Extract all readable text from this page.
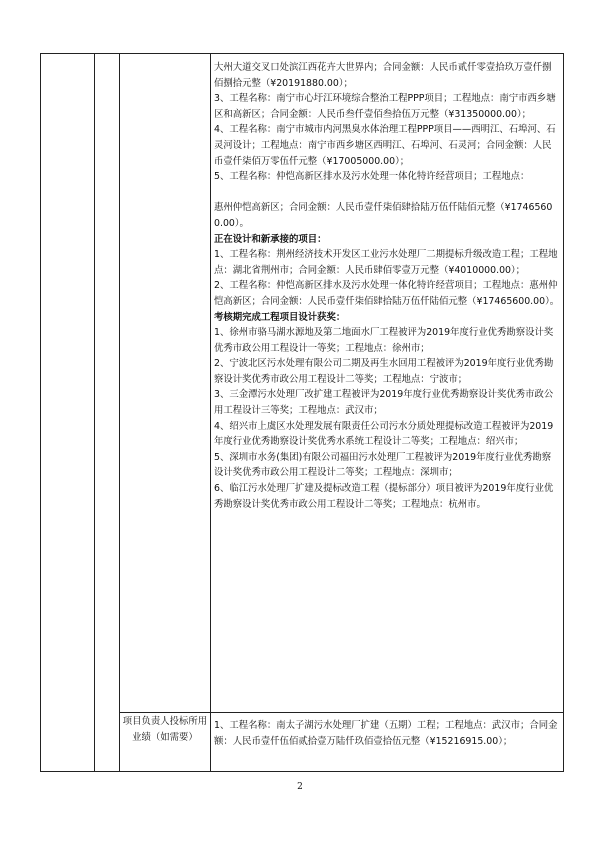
大州大道交叉口处滨江西花卉大世界内；合同金额：人民币贰仟零壹拾玖万壹仟捌佰捌拾元整（¥20191880.00）；

3、工程名称：南宁市心圩江环境综合整治工程PPP项目；工程地点：南宁市西乡塘区和高新区；合同金额：人民币叁仟壹佰叁拾伍万元整（¥31350000.00）；

4、工程名称：南宁市城市内河黑臭水体治理工程PPP项目——西明江、石埠河、石灵河设计；工程地点：南宁市西乡塘区西明江、石埠河、石灵河；合同金额：人民币壹仟柒佰万零伍仟元整（¥17005000.00）；

5、工程名称：仲恺高新区排水及污水处理一体化特许经营项目；工程地点：

惠州仲恺高新区；合同金额：人民币壹仟柒佰肆拾陆万伍仟陆佰元整（¥17465600.00）。

正在设计和新承接的项目：

1、工程名称：荆州经济技术开发区工业污水处理厂二期提标升级改造工程；工程地点：湖北省荆州市；合同金额：人民币肆佰零壹万元整（¥4010000.00）；

2、工程名称：仲恺高新区排水及污水处理一体化特许经营项目；工程地点：惠州仲恺高新区；合同金额：人民币壹仟柒佰肆拾陆万伍仟陆佰元整（¥17465600.00）。

考核期完成工程项目设计获奖：

1、徐州市骆马湖水源地及第二地面水厂工程被评为2019年度行业优秀勘察设计奖优秀市政公用工程设计一等奖；工程地点：徐州市；

2、宁波北区污水处理有限公司二期及再生水回用工程被评为2019年度行业优秀勘察设计奖优秀市政公用工程设计二等奖；工程地点：宁波市；

3、三金潭污水处理厂改扩建工程被评为2019年度行业优秀勘察设计奖优秀市政公用工程设计三等奖；工程地点：武汉市；

4、绍兴市上虞区水处理发展有限责任公司污水分质处理提标改造工程被评为2019年度行业优秀勘察设计奖优秀水系统工程设计二等奖；工程地点：绍兴市；

5、深圳市水务(集团)有限公司福田污水处理厂工程被评为2019年度行业优秀勘察设计奖优秀市政公用工程设计二等奖；工程地点：深圳市；

6、临江污水处理厂扩建及提标改造工程（提标部分）项目被评为2019年度行业优秀勘察设计奖优秀市政公用工程设计二等奖；工程地点：杭州市。

项目负责人投标所用业绩（如需要）

1、工程名称：南太子湖污水处理厂扩建（五期）工程；工程地点：武汉市；合同金额：人民币壹仟伍佰贰拾壹万陆仟玖佰壹拾伍元整（¥15216915.00）；

2
